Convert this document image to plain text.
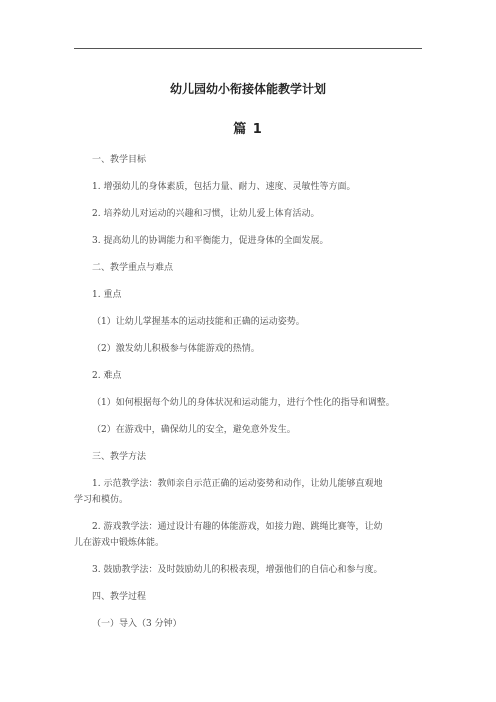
幼儿园幼小衔接体能教学计划
篇 1
一、教学目标
1. 增强幼儿的身体素质，包括力量、耐力、速度、灵敏性等方面。
2. 培养幼儿对运动的兴趣和习惯，让幼儿爱上体育活动。
3. 提高幼儿的协调能力和平衡能力，促进身体的全面发展。
二、教学重点与难点
1. 重点
（1）让幼儿掌握基本的运动技能和正确的运动姿势。
（2）激发幼儿积极参与体能游戏的热情。
2. 难点
（1）如何根据每个幼儿的身体状况和运动能力，进行个性化的指导和调整。
（2）在游戏中，确保幼儿的安全，避免意外发生。
三、教学方法
1. 示范教学法：教师亲自示范正确的运动姿势和动作，让幼儿能够直观地
学习和模仿。
2. 游戏教学法：通过设计有趣的体能游戏，如接力跑、跳绳比赛等，让幼
儿在游戏中锻炼体能。
3. 鼓励教学法：及时鼓励幼儿的积极表现，增强他们的自信心和参与度。
四、教学过程
（一）导入（3 分钟）
